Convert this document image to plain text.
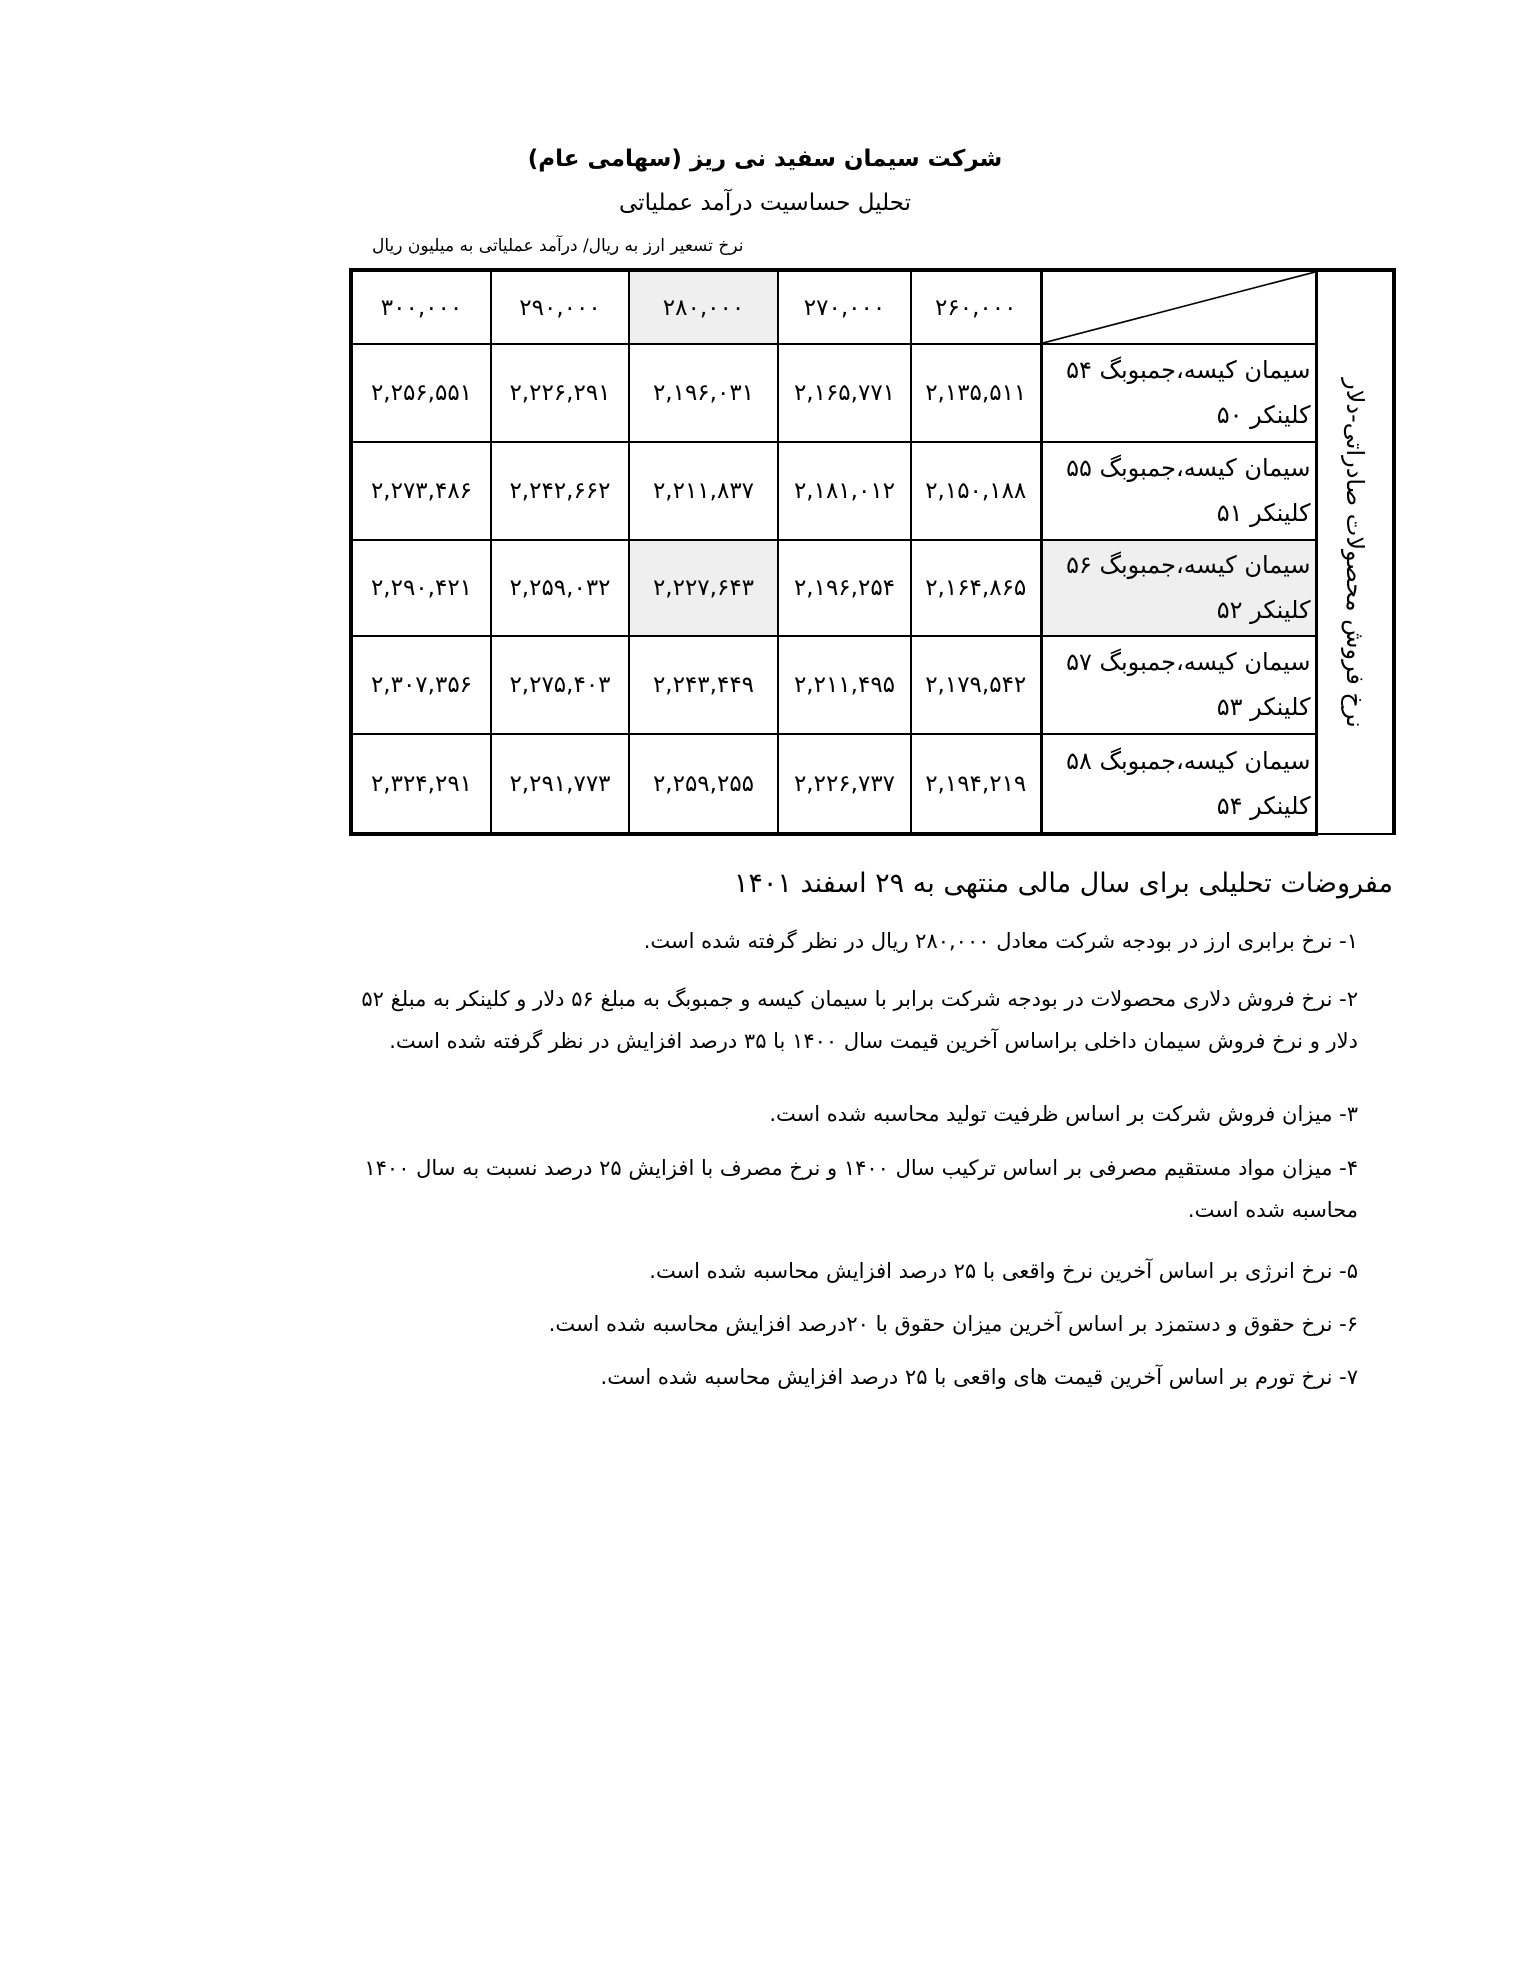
شرکت سیمان سفید نی ریز (سهامی عام)
تحلیل حساسیت درآمد عملیاتی
نرخ تسعیر ارز به ریال/ درآمد عملیاتی به میلیون ریال
۳۰۰,۰۰۰	۲۹۰,۰۰۰	۲۸۰,۰۰۰	۲۷۰,۰۰۰	۲۶۰,۰۰۰		نرخ فروش محصولات صادراتی-دلار

۲,۲۵۶,۵۵۱	۲,۲۲۶,۲۹۱	۲,۱۹۶,۰۳۱	۲,۱۶۵,۷۷۱	۲,۱۳۵,۵۱۱	سیمان کیسه،جمبوبگ ۵۴
کلینکر ۵۰	

۲,۲۷۳,۴۸۶	۲,۲۴۲,۶۶۲	۲,۲۱۱,۸۳۷	۲,۱۸۱,۰۱۲	۲,۱۵۰,۱۸۸	سیمان کیسه،جمبوبگ ۵۵
کلینکر ۵۱	

۲,۲۹۰,۴۲۱	۲,۲۵۹,۰۳۲	۲,۲۲۷,۶۴۳	۲,۱۹۶,۲۵۴	۲,۱۶۴,۸۶۵	سیمان کیسه،جمبوبگ ۵۶
کلینکر ۵۲	

۲,۳۰۷,۳۵۶	۲,۲۷۵,۴۰۳	۲,۲۴۳,۴۴۹	۲,۲۱۱,۴۹۵	۲,۱۷۹,۵۴۲	سیمان کیسه،جمبوبگ ۵۷
کلینکر ۵۳	

۲,۳۲۴,۲۹۱	۲,۲۹۱,۷۷۳	۲,۲۵۹,۲۵۵	۲,۲۲۶,۷۳۷	۲,۱۹۴,۲۱۹	سیمان کیسه،جمبوبگ ۵۸
کلینکر ۵۴	
مفروضات تحلیلی برای سال مالی منتهی به ۲۹ اسفند ۱۴۰۱
۱- نرخ برابری ارز در بودجه شرکت معادل ۲۸۰,۰۰۰ ریال در نظر گرفته شده است.
۲- نرخ فروش دلاری محصولات در بودجه شرکت برابر با سیمان کیسه و جمبوبگ به مبلغ ۵۶ دلار و کلینکر به مبلغ ۵۲ دلار و نرخ فروش سیمان داخلی براساس آخرین قیمت سال ۱۴۰۰ با ۳۵ درصد افزایش در نظر گرفته شده است.
۳- میزان فروش شرکت بر اساس ظرفیت تولید محاسبه شده است.
۴- میزان مواد مستقیم مصرفی بر اساس ترکیب سال ۱۴۰۰ و نرخ مصرف با افزایش ۲۵ درصد نسبت به سال ۱۴۰۰ محاسبه شده است.
۵- نرخ انرژی بر اساس آخرین نرخ واقعی با ۲۵ درصد افزایش محاسبه شده است.
۶- نرخ حقوق و دستمزد بر اساس آخرین میزان حقوق با ۲۰درصد افزایش محاسبه شده است.
۷- نرخ تورم بر اساس آخرین قیمت های واقعی با ۲۵ درصد افزایش محاسبه شده است.
